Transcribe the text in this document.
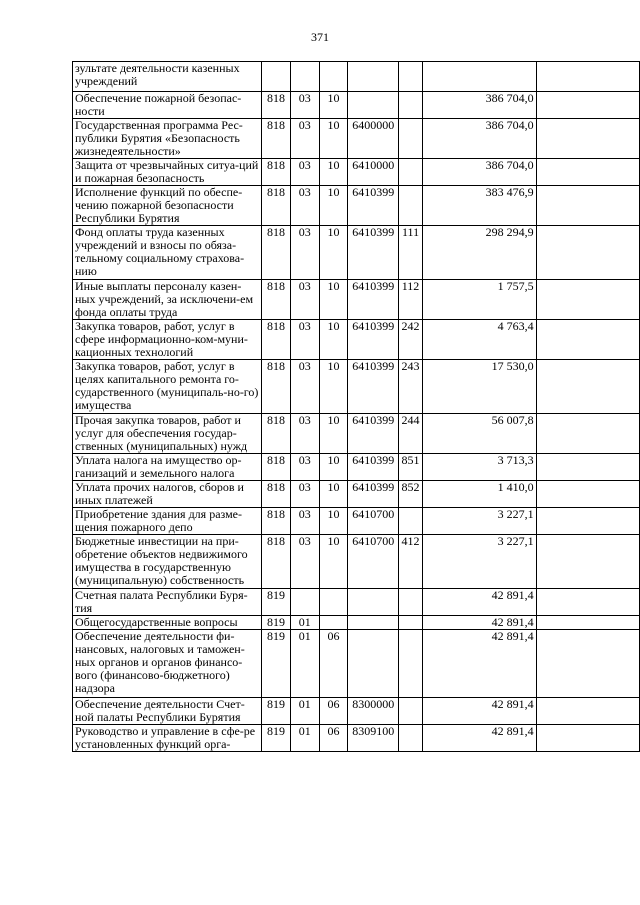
371
зультате деятельности казенных учреждений							
Обеспечение пожарной безопас-ности	818	03	10			386 704,0	
Государственная программа Рес-публики Бурятия «Безопасность жизнедеятельности»	818	03	10	6400000		386 704,0	
Защита от чрезвычайных ситуа-ций и пожарная безопасность	818	03	10	6410000		386 704,0	
Исполнение функций по обеспе-чению пожарной безопасности Республики Бурятия	818	03	10	6410399		383 476,9	
Фонд оплаты труда казенных учреждений и взносы по обяза-тельному социальному страхова-нию	818	03	10	6410399	111	298 294,9	
Иные выплаты персоналу казен-ных учреждений, за исключени-ем фонда оплаты труда	818	03	10	6410399	112	1 757,5	
Закупка товаров, работ, услуг в сфере информационно-ком-муни-кационных технологий	818	03	10	6410399	242	4 763,4	
Закупка товаров, работ, услуг в целях капитального ремонта го-сударственного (муниципаль-но-го) имущества	818	03	10	6410399	243	17 530,0	
Прочая закупка товаров, работ и услуг для обеспечения государ-ственных (муниципальных) нужд	818	03	10	6410399	244	56 007,8	
Уплата налога на имущество ор-ганизаций и земельного налога	818	03	10	6410399	851	3 713,3	
Уплата прочих налогов, сборов и иных платежей	818	03	10	6410399	852	1 410,0	
Приобретение здания для разме-щения пожарного депо	818	03	10	6410700		3 227,1	
Бюджетные инвестиции на при-обретение объектов недвижимого имущества в государственную (муниципальную) собственность	818	03	10	6410700	412	3 227,1	
Счетная палата Республики Буря-тия	819					42 891,4	
Общегосударственные вопросы	819	01				42 891,4	
Обеспечение деятельности фи-нансовых, налоговых и таможен-ных органов и органов финансо-вого (финансово-бюджетного) надзора	819	01	06			42 891,4	
Обеспечение деятельности Счет-ной палаты Республики Бурятия	819	01	06	8300000		42 891,4	
Руководство и управление в сфе-ре установленных функций орга-	819	01	06	8309100		42 891,4	
